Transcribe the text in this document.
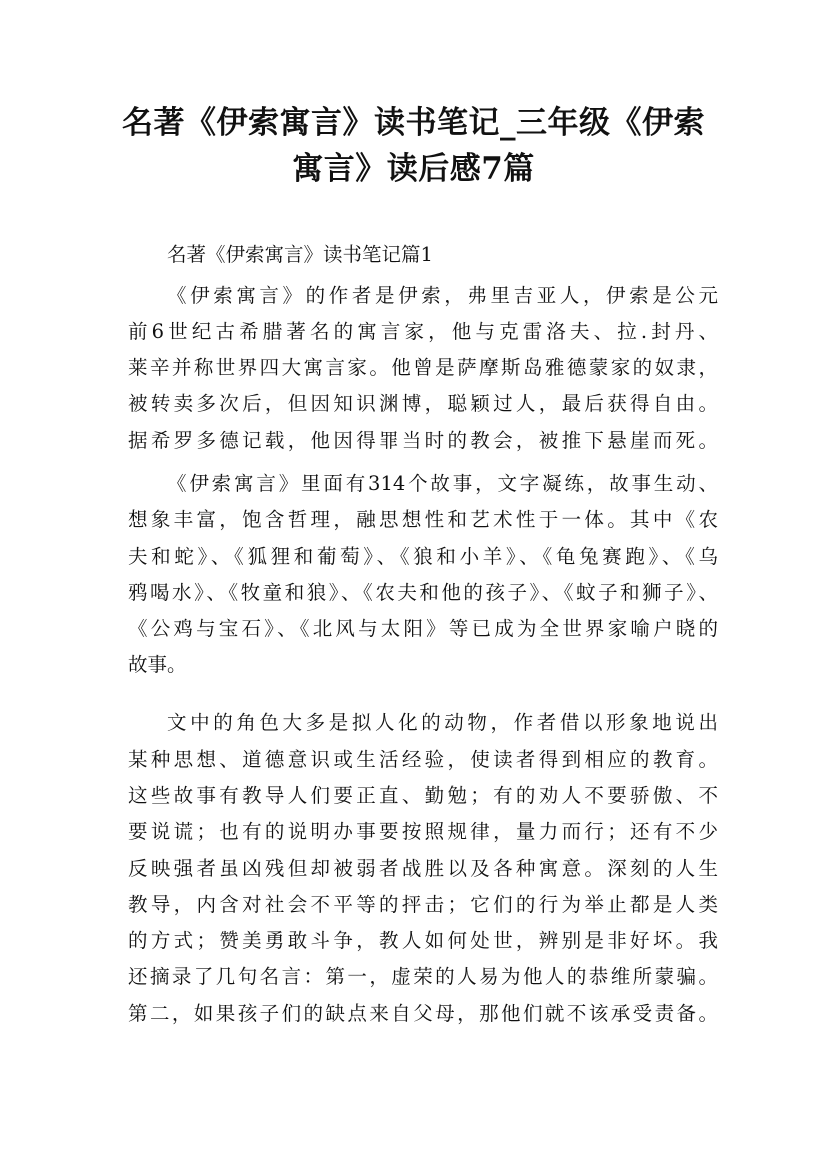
名著《伊索寓言》读书笔记_三年级《伊索
寓言》读后感7篇

名著《伊索寓言》读书笔记篇1

《伊索寓言》的作者是伊索，弗里吉亚人，伊索是公元

前6世纪古希腊著名的寓言家，他与克雷洛夫、拉.封丹、

莱辛并称世界四大寓言家。他曾是萨摩斯岛雅德蒙家的奴隶，

被转卖多次后，但因知识渊博，聪颖过人，最后获得自由。

据希罗多德记载，他因得罪当时的教会，被推下悬崖而死。

《伊索寓言》里面有314个故事，文字凝练，故事生动、

想象丰富，饱含哲理，融思想性和艺术性于一体。其中《农

夫和蛇》、《狐狸和葡萄》、《狼和小羊》、《龟兔赛跑》、《乌

鸦喝水》、《牧童和狼》、《农夫和他的孩子》、《蚊子和狮子》、

《公鸡与宝石》、《北风与太阳》等已成为全世界家喻户晓的

故事。

文中的角色大多是拟人化的动物，作者借以形象地说出

某种思想、道德意识或生活经验，使读者得到相应的教育。

这些故事有教导人们要正直、勤勉；有的劝人不要骄傲、不

要说谎；也有的说明办事要按照规律，量力而行；还有不少

反映强者虽凶残但却被弱者战胜以及各种寓意。深刻的人生

教导，内含对社会不平等的抨击；它们的行为举止都是人类

的方式；赞美勇敢斗争，教人如何处世，辨别是非好坏。我

还摘录了几句名言：第一，虚荣的人易为他人的恭维所蒙骗。

第二，如果孩子们的缺点来自父母，那他们就不该承受责备。
